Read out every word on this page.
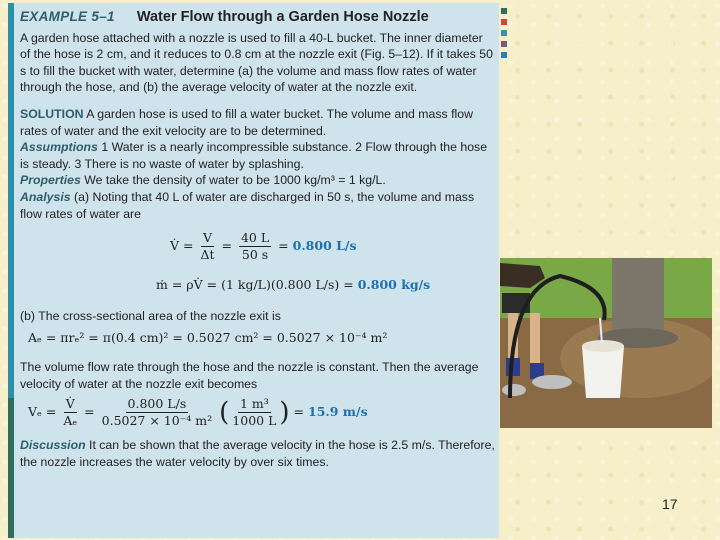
EXAMPLE 5–1 Water Flow through a Garden Hose Nozzle

A garden hose attached with a nozzle is used to fill a 40-L bucket. The inner diameter of the hose is 2 cm, and it reduces to 0.8 cm at the nozzle exit (Fig. 5–12). If it takes 50 s to fill the bucket with water, determine (a) the volume and mass flow rates of water through the hose, and (b) the average velocity of water at the nozzle exit.

SOLUTION A garden hose is used to fill a water bucket. The volume and mass flow rates of water and the exit velocity are to be determined.

Assumptions 1 Water is a nearly incompressible substance. 2 Flow through the hose is steady. 3 There is no waste of water by splashing.

Properties We take the density of water to be 1000 kg/m³ = 1 kg/L.

Analysis (a) Noting that 40 L of water are discharged in 50 s, the volume and mass flow rates of water are

V̇ = $\frac{V}{\Delta t} = \frac{40 L}{50 s} = 0.800$ L/s
ṁ = ρV̇ = (1 kg/L)(0.800 L/s) = 0.800 kg/s

(b) The cross-sectional area of the nozzle exit is

Aₑ = πrₑ² = π(0.4 cm)² = 0.5027 cm² = 0.5027 × 10⁻⁴ m²

The volume flow rate through the hose and the nozzle is constant. Then the average velocity of water at the nozzle exit becomes

$V_e = \frac{V̇}{\text{Aₑ}} = \frac{0.800 L/s}{\text{0.5027 × 10⁻⁴ m²}}$ ( $\frac{\text{1 m³}}{1000 L}$ ) = 15.9 m/s

Discussion It can be shown that the average velocity in the hose is 2.5 m/s. Therefore, the nozzle increases the water velocity by over six times.

17
